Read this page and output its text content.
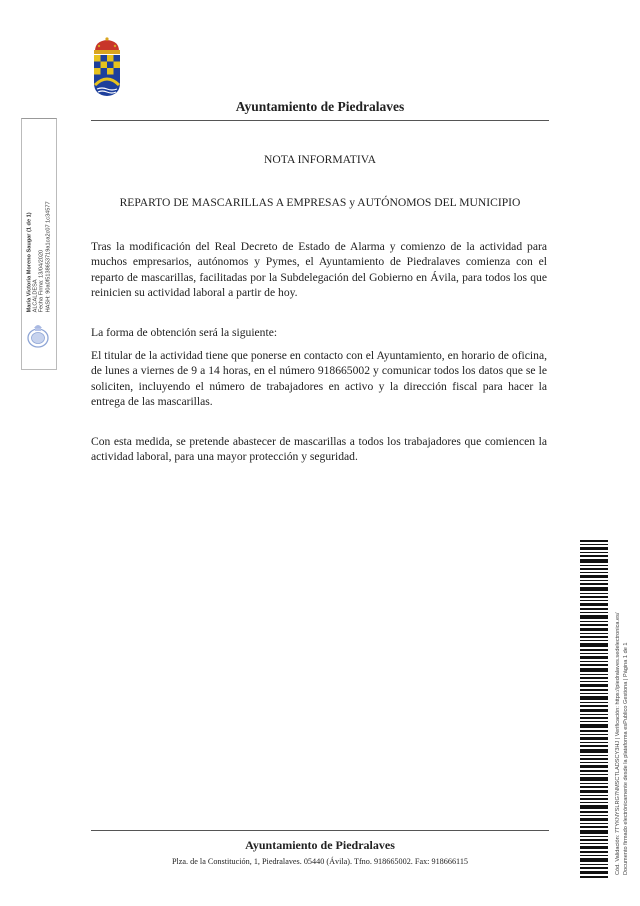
Ayuntamiento de Piedralaves
NOTA INFORMATIVA
REPARTO DE MASCARILLAS A EMPRESAS y AUTÓNOMOS DEL MUNICIPIO
Tras la modificación del Real Decreto de Estado de Alarma y comienzo de la actividad para muchos empresarios, autónomos y Pymes, el Ayuntamiento de Piedralaves comienza con el reparto de mascarillas, facilitadas por la Subdelegación del Gobierno en Ávila, para todos los que reinicien su actividad laboral a partir de hoy.
La forma de obtención será la siguiente:
El titular de la actividad tiene que ponerse en contacto con el Ayuntamiento, en horario de oficina, de lunes a viernes de 9 a 14 horas, en el número 918665002 y comunicar todos los datos que se le soliciten, incluyendo el número de trabajadores en activo y la dirección fiscal para hacer la entrega de las mascarillas.
Con esta medida, se pretende abastecer de mascarillas a todos los trabajadores que comiencen la actividad laboral, para una mayor protección y seguridad.
María Victoria Moreno Saugar (1 de 1) ALCALDESA Fecha Firma: 13/04/2020 HASH: 90a0f5138653719a1ca2c07 1c34577
Cód. Validación: 7TYKNYSLRG7NMSCTLADSCY3HJ | Verificación: https://piedralaves.sedelectronica.es/ Documento firmado electrónicamente desde la plataforma esPublico Gestiona | Página 1 de 1
Ayuntamiento de Piedralaves
Plza. de la Constitución, 1, Piedralaves. 05440 (Ávila). Tfno. 918665002. Fax: 918666115
